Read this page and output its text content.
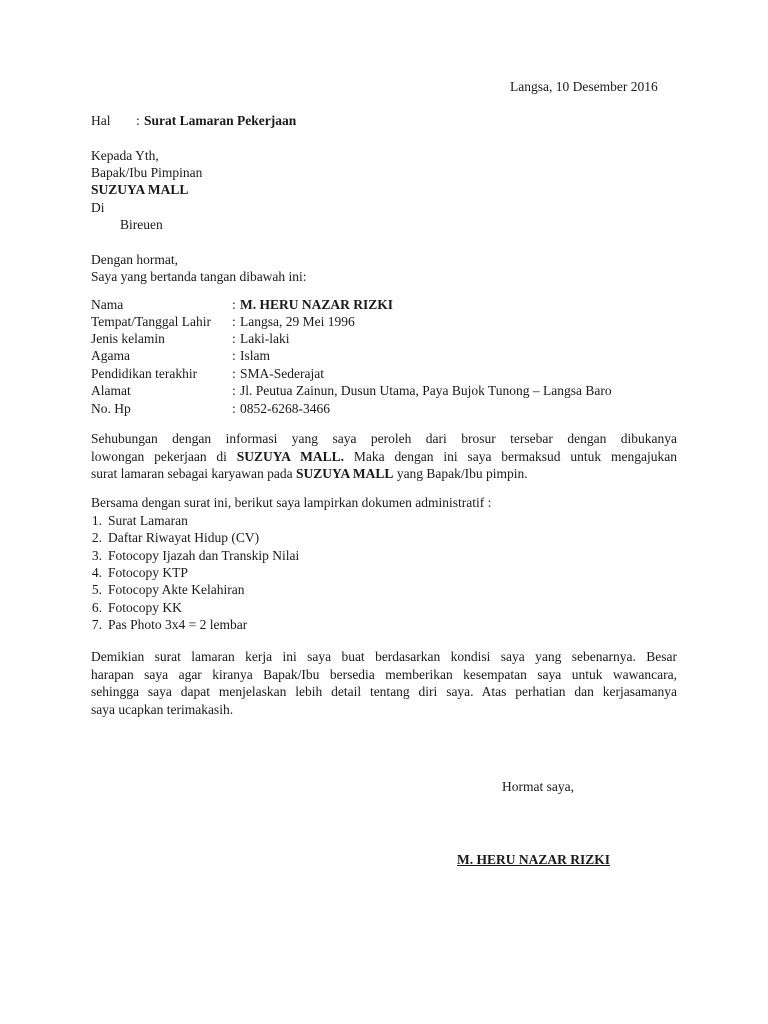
Langsa, 10 Desember 2016
Hal : Surat Lamaran Pekerjaan
Kepada Yth,
Bapak/Ibu Pimpinan
SUZUYA MALL
Di
Bireuen
Dengan hormat,
Saya yang bertanda tangan dibawah ini:
Nama	: M. HERU NAZAR RIZKI
Tempat/Tanggal Lahir : Langsa, 29 Mei 1996
Jenis kelamin	: Laki-laki
Agama	: Islam
Pendidikan terakhir	: SMA-Sederajat
Alamat	: Jl. Peutua Zainun, Dusun Utama, Paya Bujok Tunong – Langsa Baro
No. Hp	: 0852-6268-3466
Sehubungan dengan informasi yang saya peroleh dari brosur tersebar dengan dibukanya
lowongan pekerjaan di SUZUYA MALL. Maka dengan ini saya bermaksud untuk mengajukan
surat lamaran sebagai karyawan pada SUZUYA MALL yang Bapak/Ibu pimpin.
Bersama dengan surat ini, berikut saya lampirkan dokumen administratif :
1. Surat Lamaran
2. Daftar Riwayat Hidup (CV)
3. Fotocopy Ijazah dan Transkip Nilai
4. Fotocopy KTP
5. Fotocopy Akte Kelahiran
6. Fotocopy KK
7. Pas Photo 3x4 = 2 lembar
Demikian surat lamaran kerja ini saya buat berdasarkan kondisi saya yang sebenarnya. Besar
harapan saya agar kiranya Bapak/Ibu bersedia memberikan kesempatan saya untuk wawancara,
sehingga saya dapat menjelaskan lebih detail tentang diri saya. Atas perhatian dan kerjasamanya
saya ucapkan terimakasih.
Hormat saya,
M. HERU NAZAR RIZKI
